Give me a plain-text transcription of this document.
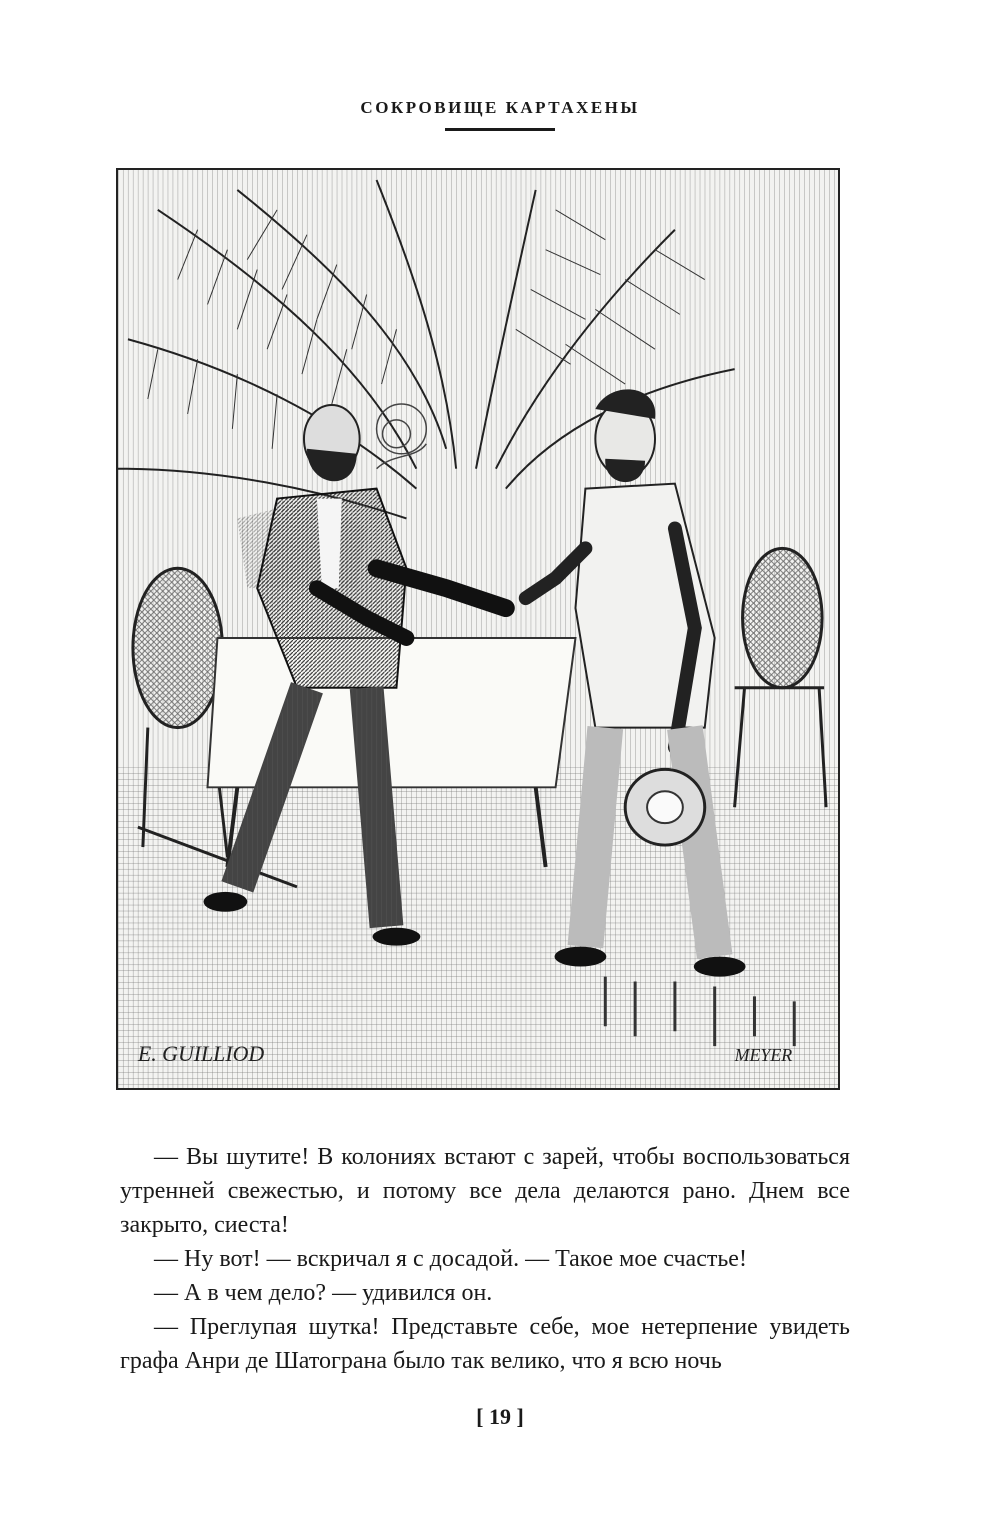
СОКРОВИЩЕ КАРТАХЕНЫ
E. GUILLIOD	MEYER

— Вы шутите! В колониях встают с зарей, чтобы воспользоваться утренней свежестью, и потому все дела делаются рано. Днем все закрыто, сиеста!

— Ну вот! — вскричал я с досадой. — Такое мое счастье!

— А в чем дело? — удивился он.

— Преглупая шутка! Представьте себе, мое нетерпение увидеть графа Анри де Шатограна было так велико, что я всю ночь

[ 19 ]
